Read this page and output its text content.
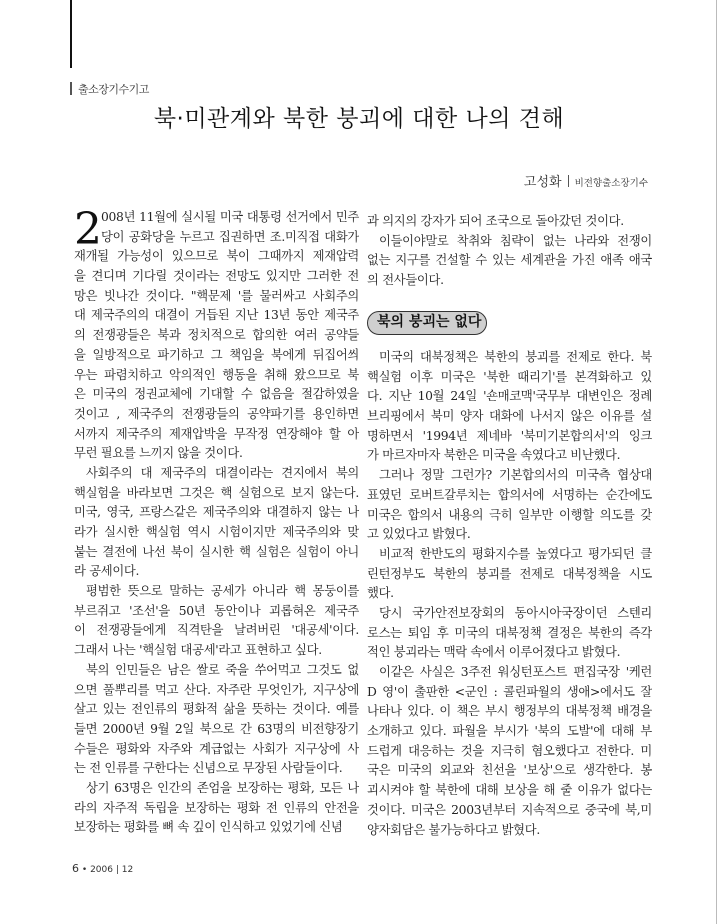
출소장기수기고
북·미관계와 북한 붕괴에 대한 나의 견해
고성화 비전향출소장기수
2 008년 11월에 실시될 미국 대통령 선거에서 민주
당이 공화당을 누르고 집권하면 조.미직접 대화가
재개될 가능성이 있으므로 북이 그때까지 제재압력
을 견디며 기다릴 것이라는 전망도 있지만 그러한 전
망은 빗나간 것이다. "핵문제 '를 물러싸고 사회주의
대 제국주의의 대결이 거듭된 지난 13년 동안 제국주
의 전쟁광들은 북과 정치적으로 합의한 여러 공약들
을 일방적으로 파기하고 그 책임을 북에게 뒤집어씌
우는 파렴치하고 악의적인 행동을 취해 왔으므로 북
은 미국의 정권교체에 기대할 수 없음을 절감하였을
것이고 , 제국주의 전쟁광들의 공약파기를 용인하면
서까지 제국주의 제재압박을 무작정 연장해야 할 아
무런 필요를 느끼지 않을 것이다.
사회주의 대 제국주의 대결이라는 견지에서 북의
핵실험을 바라보면 그것은 핵 실험으로 보지 않는다.
미국, 영국, 프랑스같은 제국주의와 대결하지 않는 나
라가 실시한 핵실험 역시 시험이지만 제국주의와 맞
붙는 결전에 나선 북이 실시한 핵 실험은 실험이 아니
라 공세이다.
평범한 뜻으로 말하는 공세가 아니라 핵 몽둥이를
부르쥐고 '조선'을 50년 동안이나 괴롭혀온 제국주
이 전쟁광들에게 직격탄을 날려버린 '대공세'이다.
그래서 나는 '핵실험 대공세'라고 표현하고 싶다.
북의 인민들은 남은 쌀로 죽을 쑤어먹고 그것도 없
으면 풀뿌리를 먹고 산다. 자주란 무엇인가, 지구상에
살고 있는 전인류의 평화적 삶을 뜻하는 것이다. 예를
들면 2000년 9월 2일 북으로 간 63명의 비전향장기
수들은 평화와 자주와 계급없는 사회가 지구상에 사
는 전 인류를 구한다는 신념으로 무장된 사람들이다.
상기 63명은 인간의 존엄을 보장하는 평화, 모든 나
라의 자주적 독립을 보장하는 평화 전 인류의 안전을
보장하는 평화를 뼈 속 깊이 인식하고 있었기에 신념
과 의지의 강자가 되어 조국으로 돌아갔던 것이다.
이들이야말로 착취와 침략이 없는 나라와 전쟁이
없는 지구를 건설할 수 있는 세계관을 가진 애족 애국
의 전사들이다.
북의 붕괴는 없다
미국의 대북정책은 북한의 붕괴를 전제로 한다. 북
핵실험 이후 미국은 '북한 때리기'를 본격화하고 있
다. 지난 10월 24일 '숀매코맥'국무부 대변인은 정례
브리핑에서 북미 양자 대화에 나서지 않은 이유를 설
명하면서 '1994년 제네바 '북미기본합의서'의 잉크
가 마르자마자 북한은 미국을 속였다고 비난했다.
그러나 정말 그런가? 기본합의서의 미국측 협상대
표였던 로버트갈루치는 합의서에 서명하는 순간에도
미국은 합의서 내용의 극히 일부만 이행할 의도를 갖
고 있었다고 밝혔다.
비교적 한반도의 평화지수를 높였다고 평가되던 클
린턴정부도 북한의 붕괴를 전제로 대북정책을 시도
했다.
당시 국가안전보장회의 동아시아국장이던 스텐리
로스는 퇴임 후 미국의 대북정책 결정은 북한의 즉각
적인 붕괴라는 맥락 속에서 이루어졌다고 밝혔다.
이같은 사실은 3주전 워싱턴포스트 편집국장 '케런
D 영'이 출판한 <군인 : 콜린파월의 생애>에서도 잘
나타나 있다. 이 책은 부시 행정부의 대북정책 배경을
소개하고 있다. 파월을 부시가 '북의 도발'에 대해 부
드럽게 대응하는 것을 지극히 혐오했다고 전한다. 미
국은 미국의 외교와 친선을 '보상'으로 생각한다. 봉
괴시켜야 할 북한에 대해 보상을 해 줄 이유가 없다는
것이다. 미국은 2003년부터 지속적으로 중국에 북,미
양자회담은 불가능하다고 밝혔다.
6 • 2006 | 12
